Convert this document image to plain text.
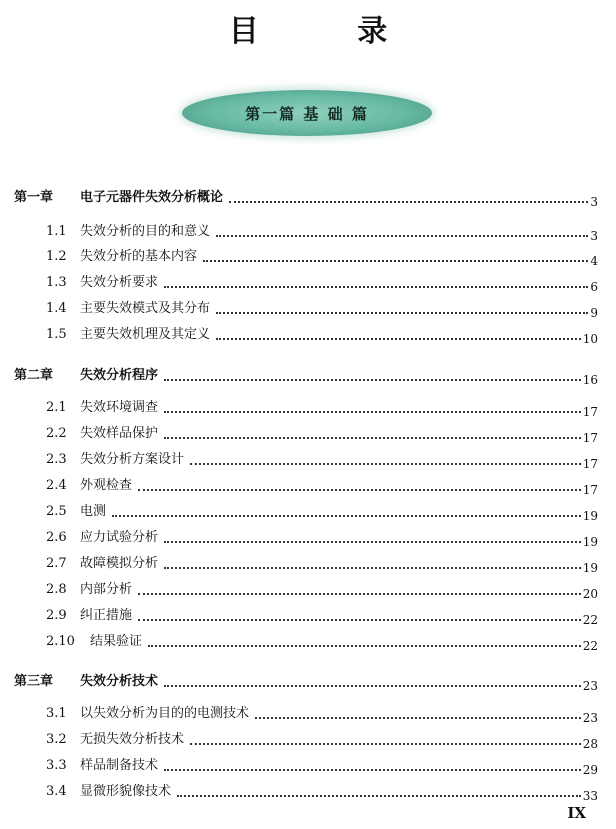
目 录
第一篇 基 础 篇
第一章	电子元器件失效分析概论	3
1.1	失效分析的目的和意义	3
1.2	失效分析的基本内容	4
1.3	失效分析要求	6
1.4	主要失效模式及其分布	9
1.5	主要失效机理及其定义	10
第二章	失效分析程序	16
2.1	失效环境调查	17
2.2	失效样品保护	17
2.3	失效分析方案设计	17
2.4	外观检查	17
2.5	电测	19
2.6	应力试验分析	19
2.7	故障模拟分析	19
2.8	内部分析	20
2.9	纠正措施	22
2.10	结果验证	22
第三章	失效分析技术	23
3.1	以失效分析为目的的电测技术	23
3.2	无损失效分析技术	28
3.3	样品制备技术	29
3.4	显微形貌像技术	33
IX
